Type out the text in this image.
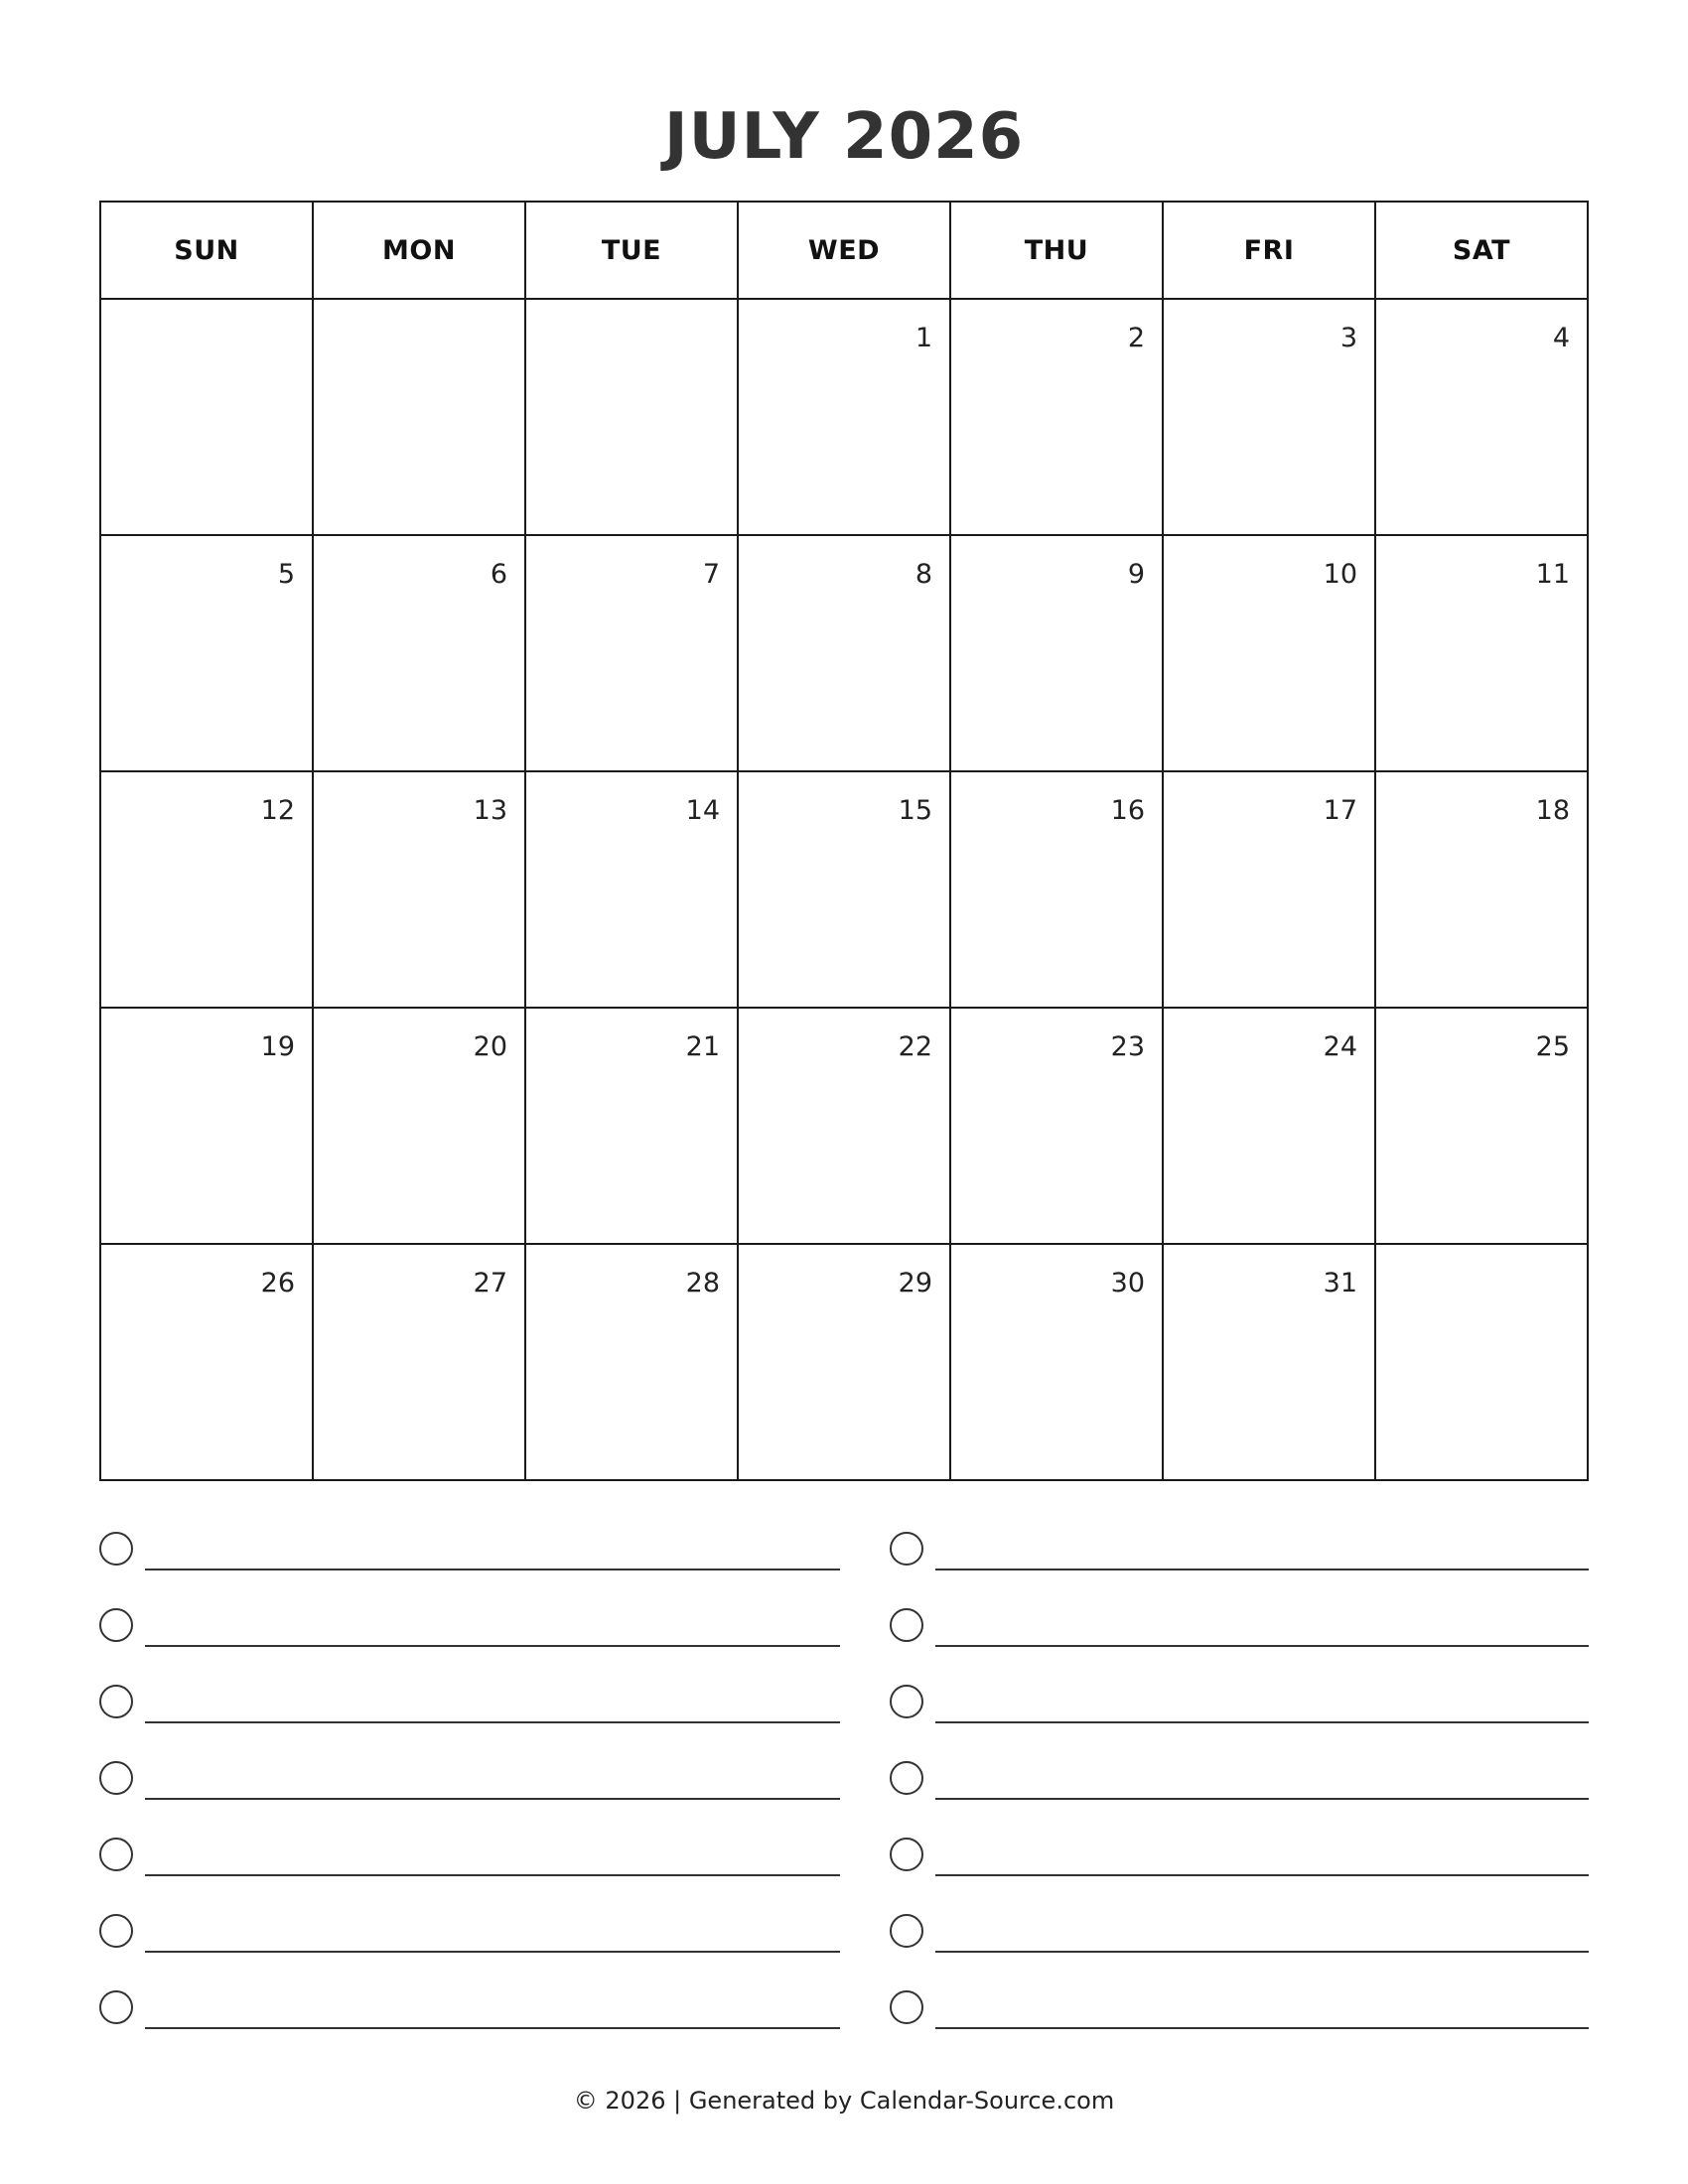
JULY 2026
SUN	MON	TUE	WED	THU	FRI	SAT

			1	2	3	4

5	6	7	8	9	10	11

12	13	14	15	16	17	18

19	20	21	22	23	24	25

26	27	28	29	30	31	

© 2026 | Generated by Calendar-Source.com
